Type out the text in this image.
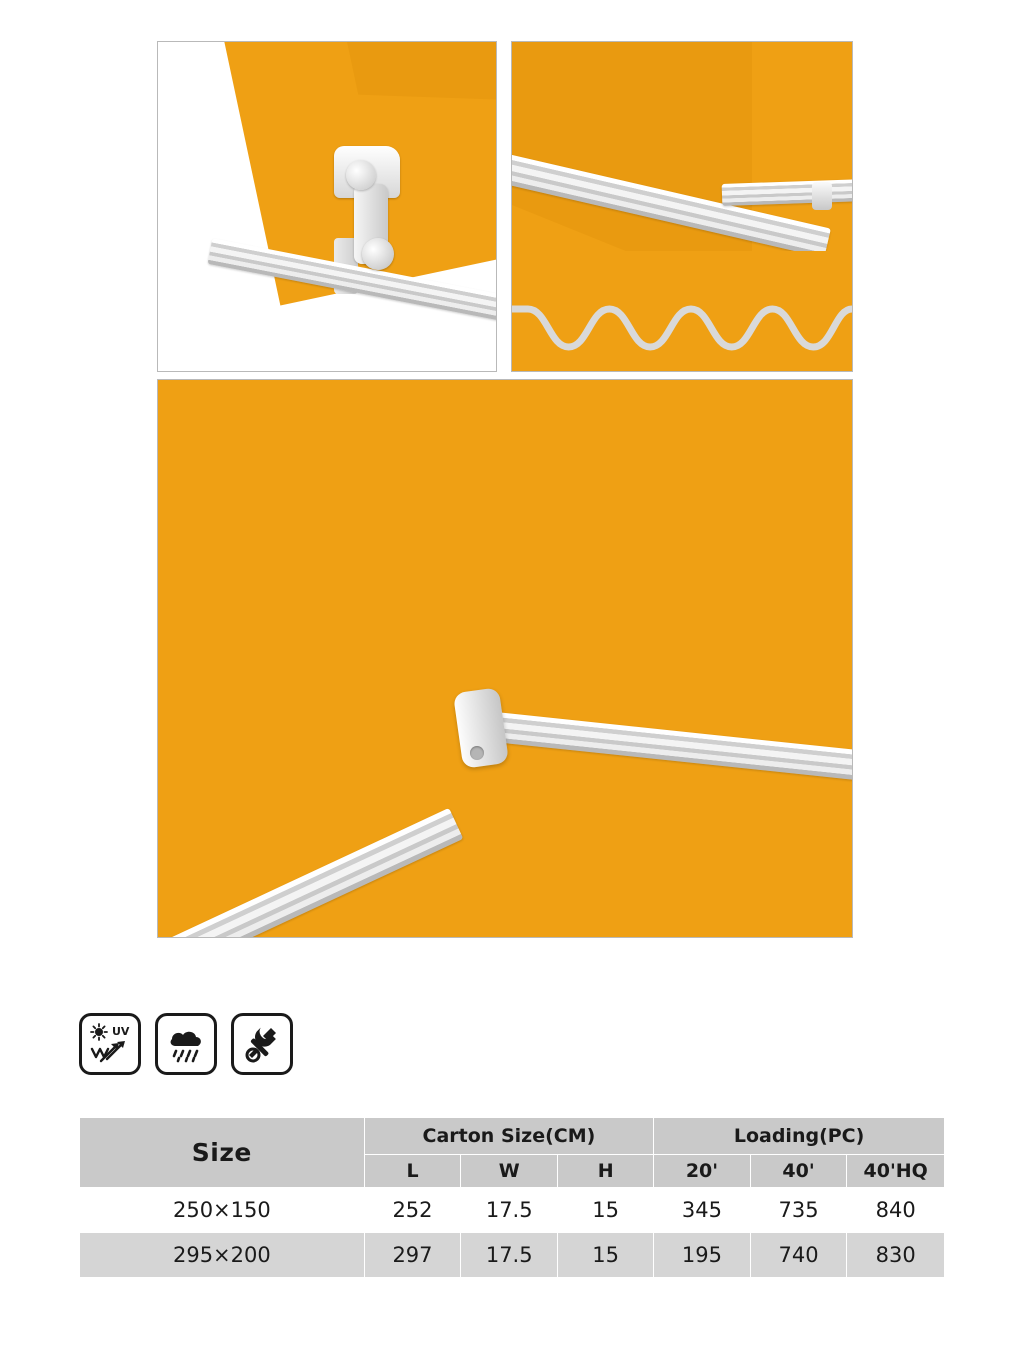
UV
Size	Carton Size(CM)			Loading(PC)		
	L	W	H	20'	40'	40'HQ
250×150	252	17.5	15	345	735	840
295×200	297	17.5	15	195	740	830
